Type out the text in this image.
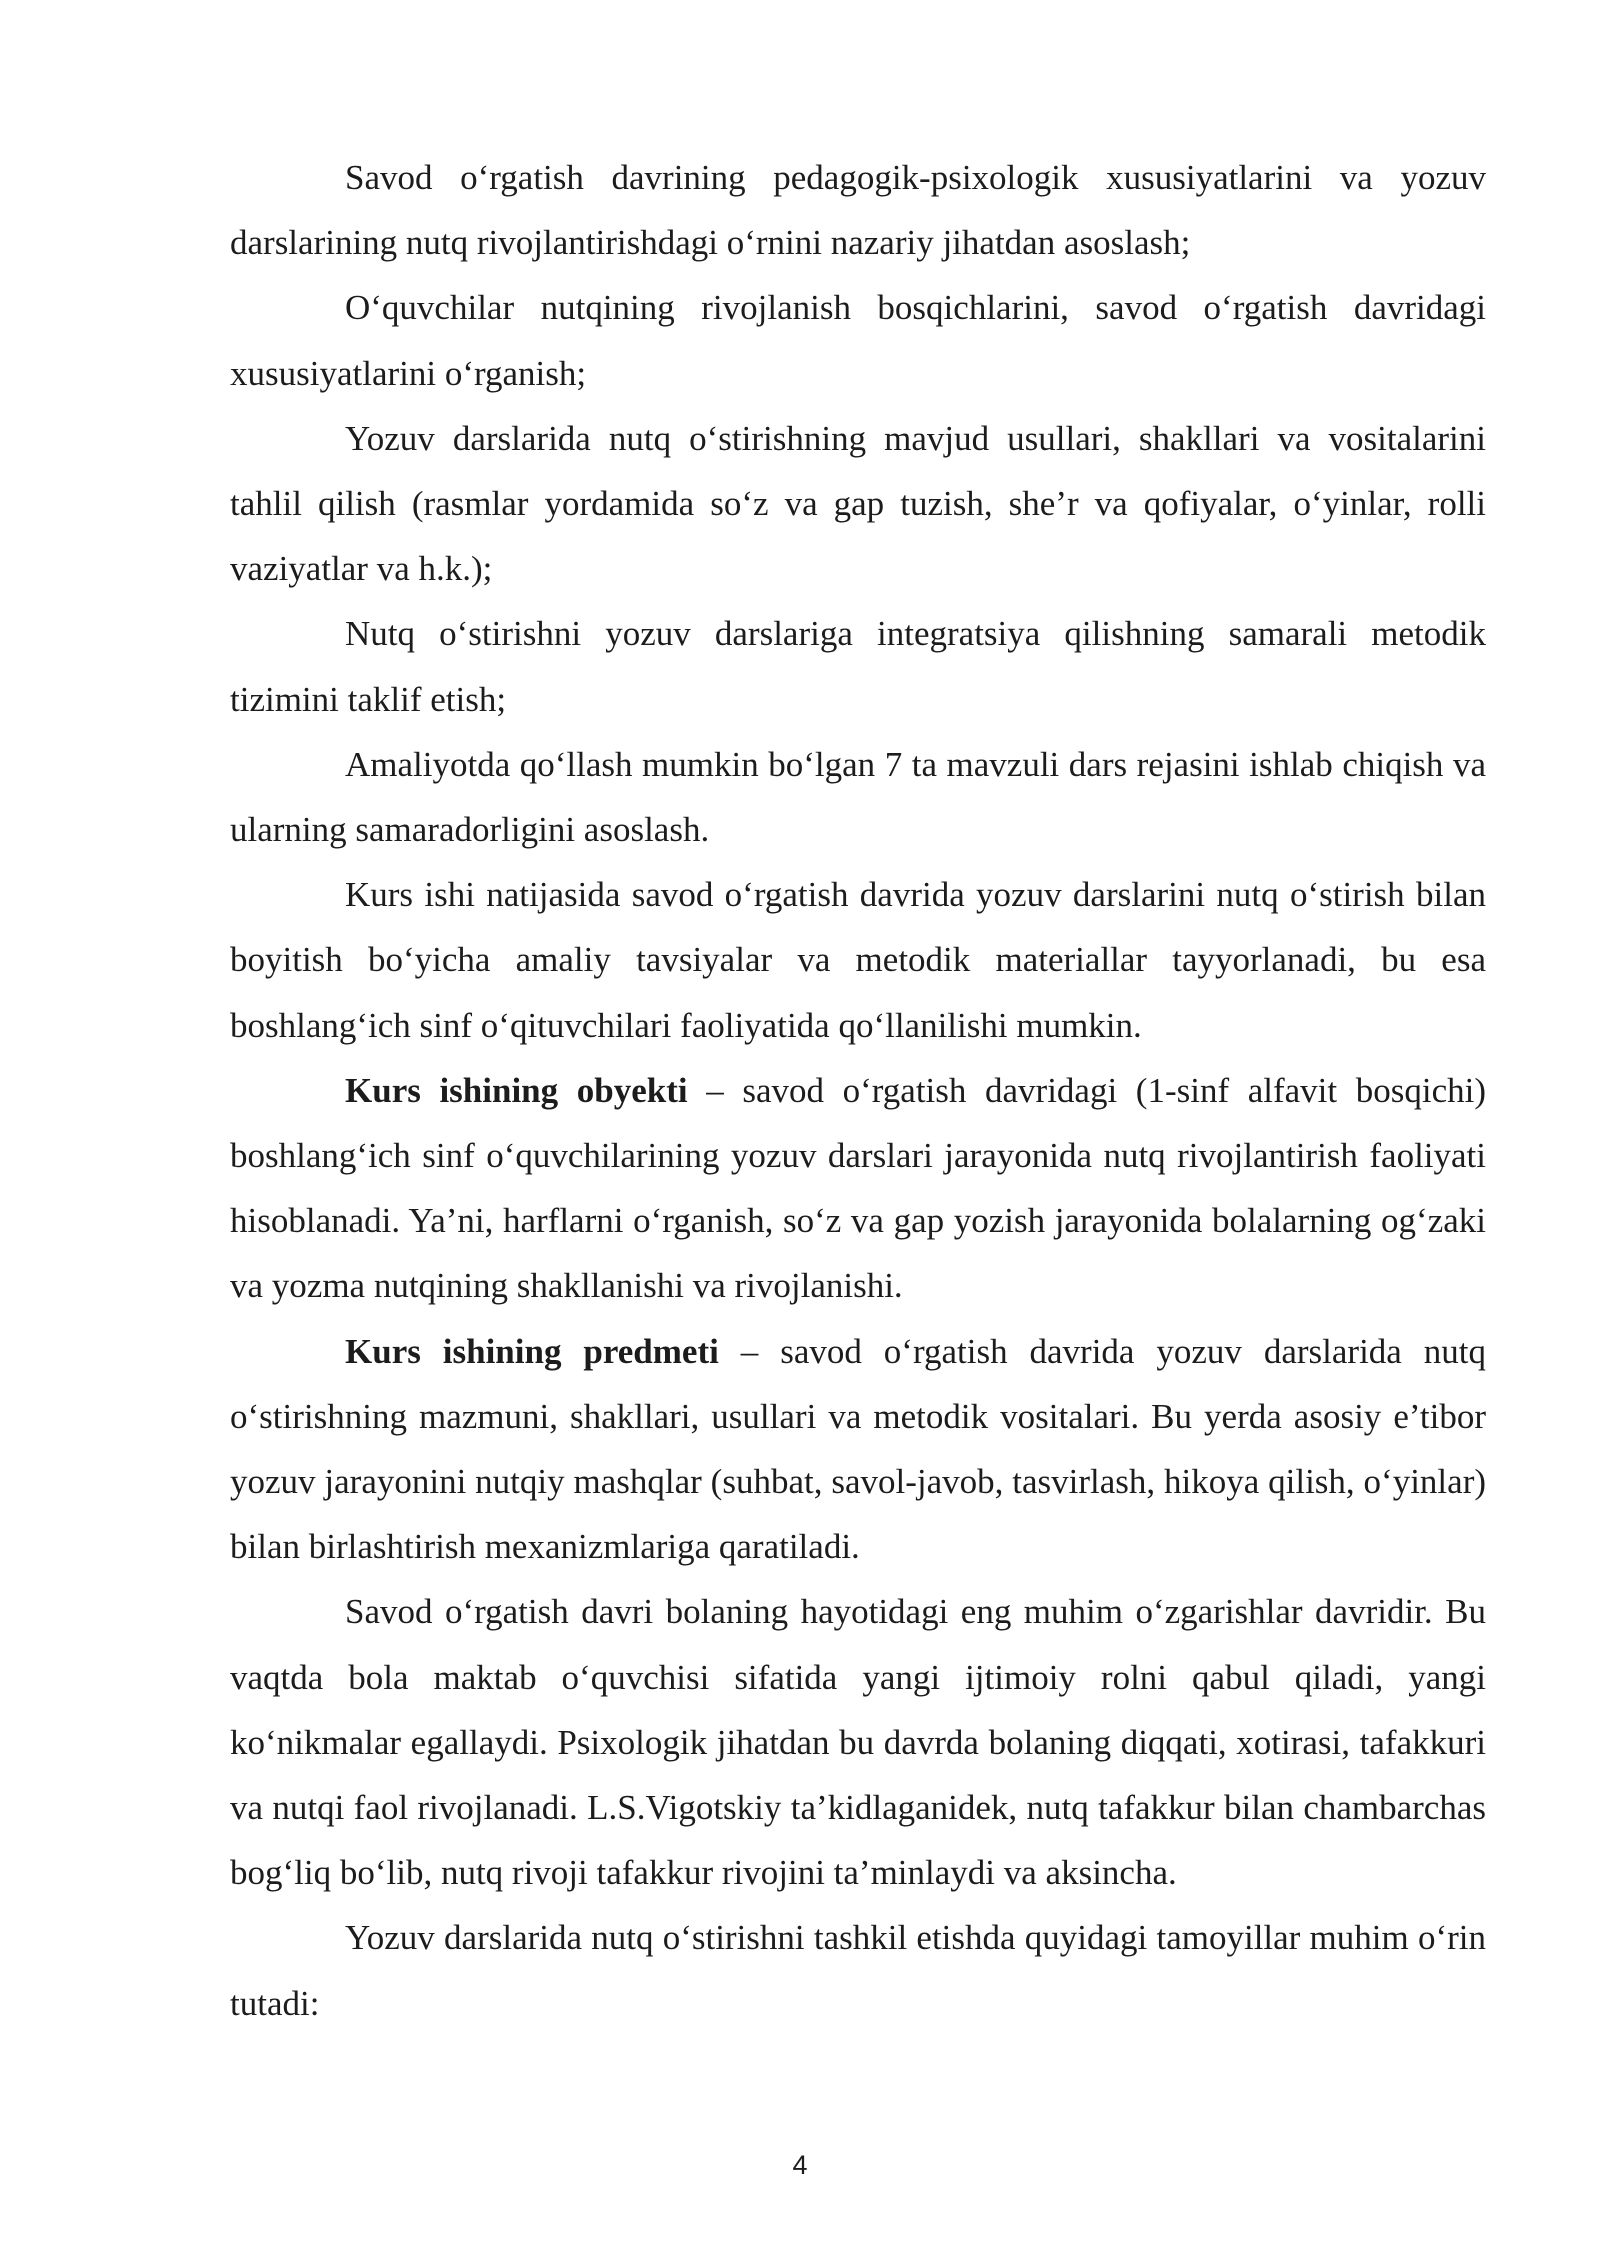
Savod o‘rgatish davrining pedagogik-psixologik xususiyatlarini va yozuv darslarining nutq rivojlantirishdagi o‘rnini nazariy jihatdan asoslash;

O‘quvchilar nutqining rivojlanish bosqichlarini, savod o‘rgatish davridagi xususiyatlarini o‘rganish;

Yozuv darslarida nutq o‘stirishning mavjud usullari, shakllari va vositalarini tahlil qilish (rasmlar yordamida so‘z va gap tuzish, she’r va qofiyalar, o‘yinlar, rolli vaziyatlar va h.k.);

Nutq o‘stirishni yozuv darslariga integratsiya qilishning samarali metodik tizimini taklif etish;

Amaliyotda qo‘llash mumkin bo‘lgan 7 ta mavzuli dars rejasini ishlab chiqish va ularning samaradorligini asoslash.

Kurs ishi natijasida savod o‘rgatish davrida yozuv darslarini nutq o‘stirish bilan boyitish bo‘yicha amaliy tavsiyalar va metodik materiallar tayyorlanadi, bu esa boshlang‘ich sinf o‘qituvchilari faoliyatida qo‘llanilishi mumkin.

Kurs ishining obyekti – savod o‘rgatish davridagi (1-sinf alfavit bosqichi) boshlang‘ich sinf o‘quvchilarining yozuv darslari jarayonida nutq rivojlantirish faoliyati hisoblanadi. Ya’ni, harflarni o‘rganish, so‘z va gap yozish jarayonida bolalarning og‘zaki va yozma nutqining shakllanishi va rivojlanishi.

Kurs ishining predmeti – savod o‘rgatish davrida yozuv darslarida nutq o‘stirishning mazmuni, shakllari, usullari va metodik vositalari. Bu yerda asosiy e’tibor yozuv jarayonini nutqiy mashqlar (suhbat, savol-javob, tasvirlash, hikoya qilish, o‘yinlar) bilan birlashtirish mexanizmlariga qaratiladi.

Savod o‘rgatish davri bolaning hayotidagi eng muhim o‘zgarishlar davridir. Bu vaqtda bola maktab o‘quvchisi sifatida yangi ijtimoiy rolni qabul qiladi, yangi ko‘nikmalar egallaydi. Psixologik jihatdan bu davrda bolaning diqqati, xotirasi, tafakkuri va nutqi faol rivojlanadi. L.S.Vigotskiy ta’kidlaganidek, nutq tafakkur bilan chambarchas bog‘liq bo‘lib, nutq rivoji tafakkur rivojini ta’minlaydi va aksincha.

Yozuv darslarida nutq o‘stirishni tashkil etishda quyidagi tamoyillar muhim o‘rin tutadi:

4
